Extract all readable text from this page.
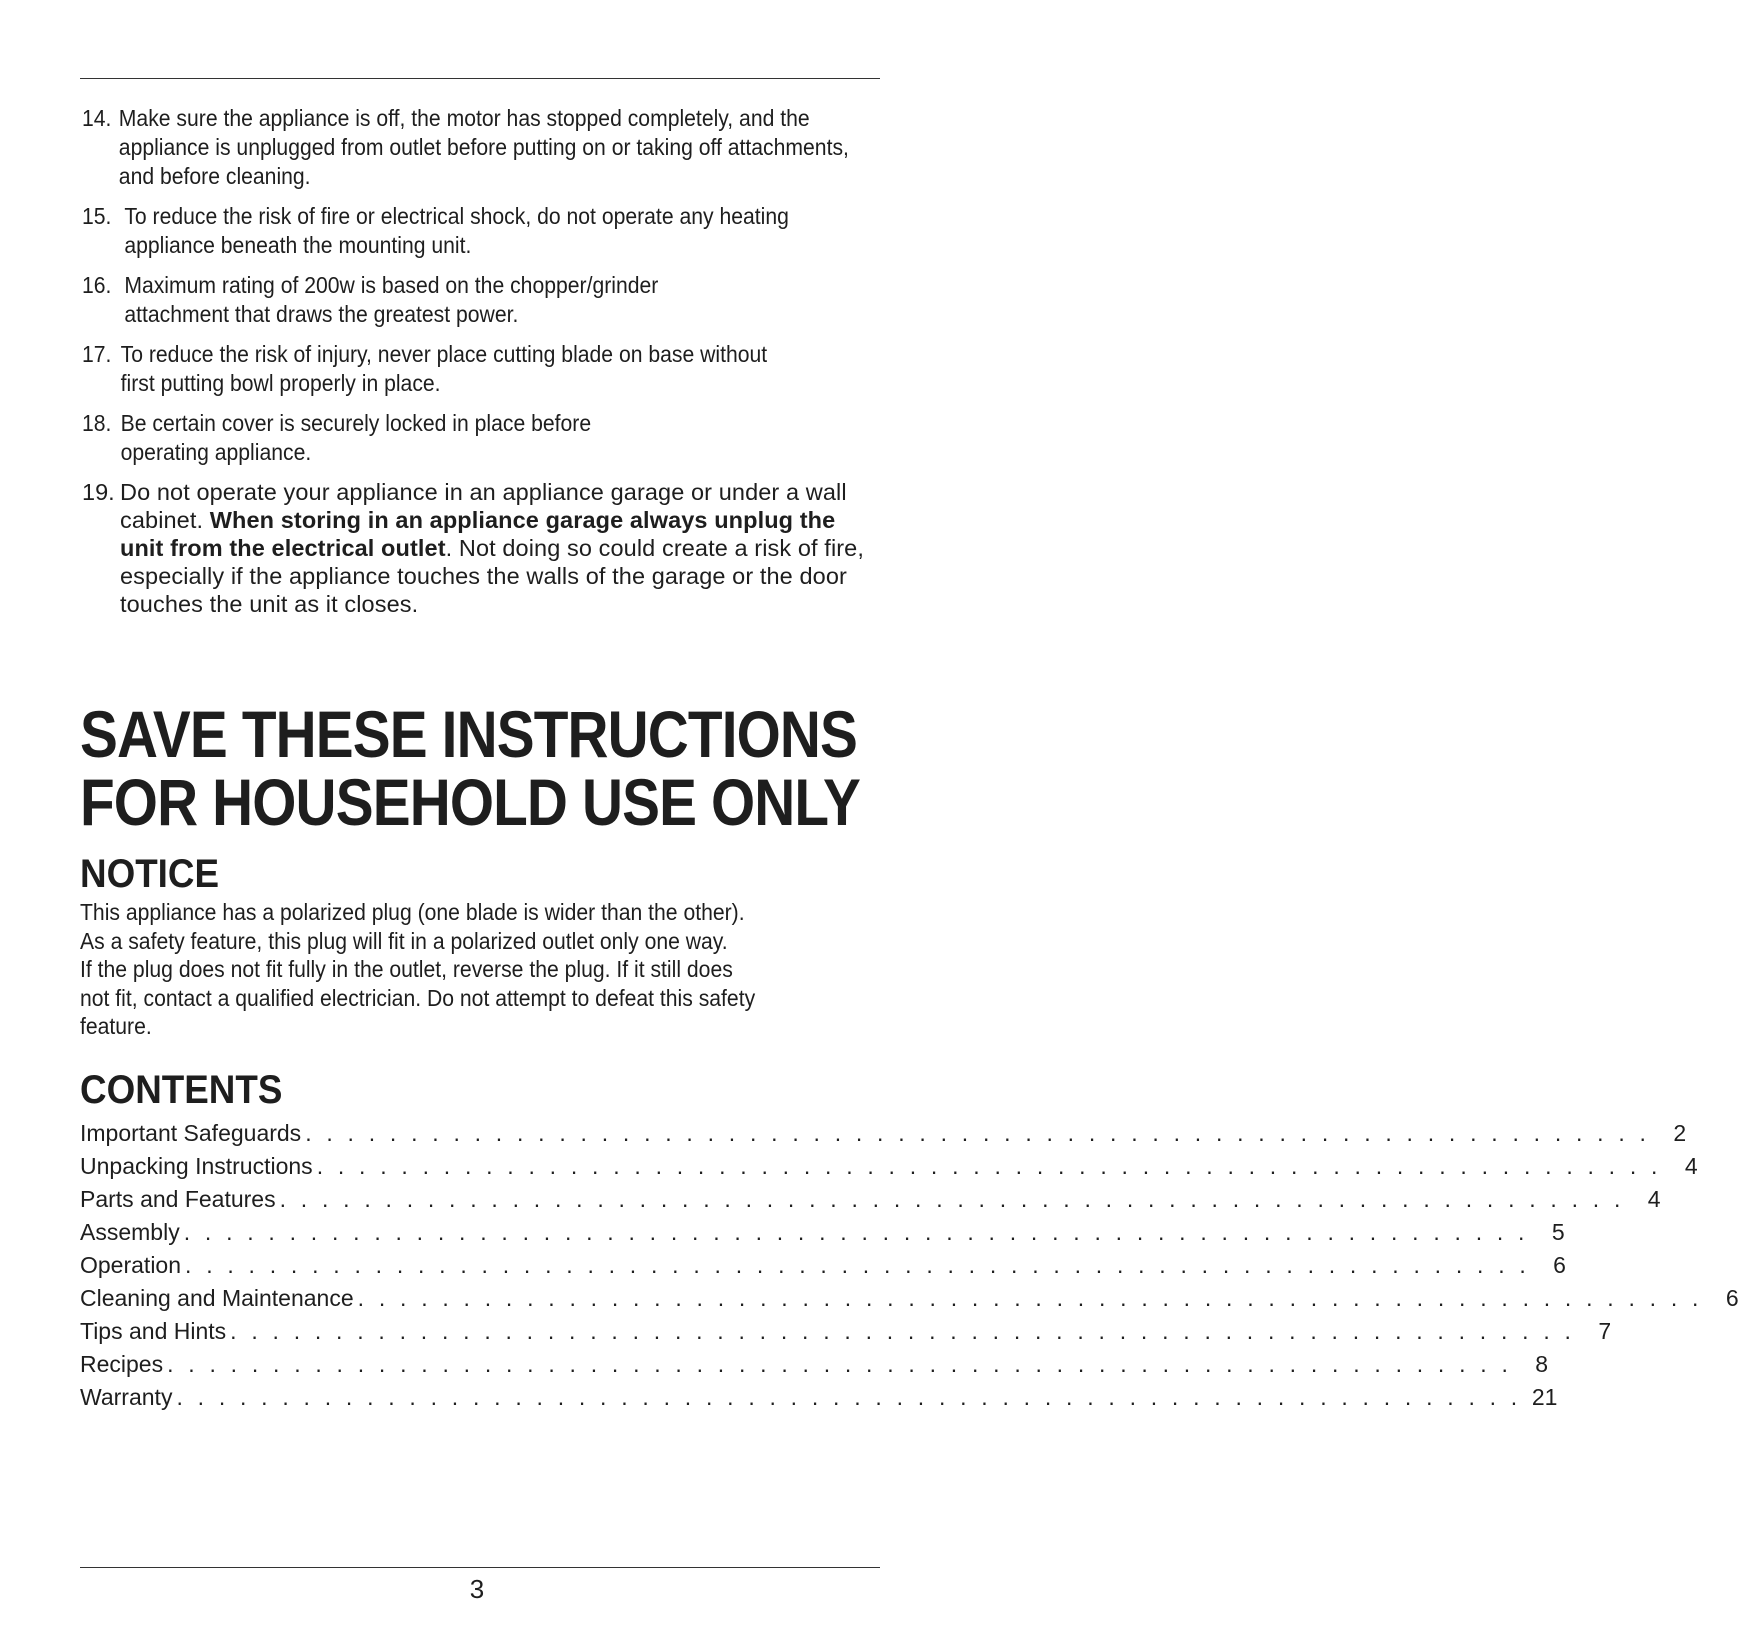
14. Make sure the appliance is off, the motor has stopped completely, and the appliance is unplugged from outlet before putting on or taking off attachments, and before cleaning.
15. To reduce the risk of fire or electrical shock, do not operate any heating appliance beneath the mounting unit.
16. Maximum rating of 200w is based on the chopper/grinder attachment that draws the greatest power.
17. To reduce the risk of injury, never place cutting blade on base without first putting bowl properly in place.
18. Be certain cover is securely locked in place before operating appliance.
19. Do not operate your appliance in an appliance garage or under a wall cabinet. When storing in an appliance garage always unplug the unit from the electrical outlet. Not doing so could create a risk of fire, especially if the appliance touches the walls of the garage or the door touches the unit as it closes.
SAVE THESE INSTRUCTIONS
FOR HOUSEHOLD USE ONLY
NOTICE

This appliance has a polarized plug (one blade is wider than the other).
As a safety feature, this plug will fit in a polarized outlet only one way.
If the plug does not fit fully in the outlet, reverse the plug. If it still does
not fit, contact a qualified electrician. Do not attempt to defeat this safety
feature.

CONTENTS
Important Safeguards . . . . . . . . . . . . . . . . . . . . . . . . . . . . . . . . . . . . . . . . . . . . . . . . . . . . . . . . . . . . . . . .	2
Unpacking Instructions . . . . . . . . . . . . . . . . . . . . . . . . . . . . . . . . . . . . . . . . . . . . . . . . . . . . . . . . . . . . . . . .	4
Parts and Features . . . . . . . . . . . . . . . . . . . . . . . . . . . . . . . . . . . . . . . . . . . . . . . . . . . . . . . . . . . . . . . .	4
Assembly . . . . . . . . . . . . . . . . . . . . . . . . . . . . . . . . . . . . . . . . . . . . . . . . . . . . . . . . . . . . . . . .	5
Operation . . . . . . . . . . . . . . . . . . . . . . . . . . . . . . . . . . . . . . . . . . . . . . . . . . . . . . . . . . . . . . . .	6
Cleaning and Maintenance . . . . . . . . . . . . . . . . . . . . . . . . . . . . . . . . . . . . . . . . . . . . . . . . . . . . . . . . . . . . . . . .	6
Tips and Hints . . . . . . . . . . . . . . . . . . . . . . . . . . . . . . . . . . . . . . . . . . . . . . . . . . . . . . . . . . . . . . . .	7
Recipes . . . . . . . . . . . . . . . . . . . . . . . . . . . . . . . . . . . . . . . . . . . . . . . . . . . . . . . . . . . . . . . .	8
Warranty . . . . . . . . . . . . . . . . . . . . . . . . . . . . . . . . . . . . . . . . . . . . . . . . . . . . . . . . . . . . . . . . 21
3
